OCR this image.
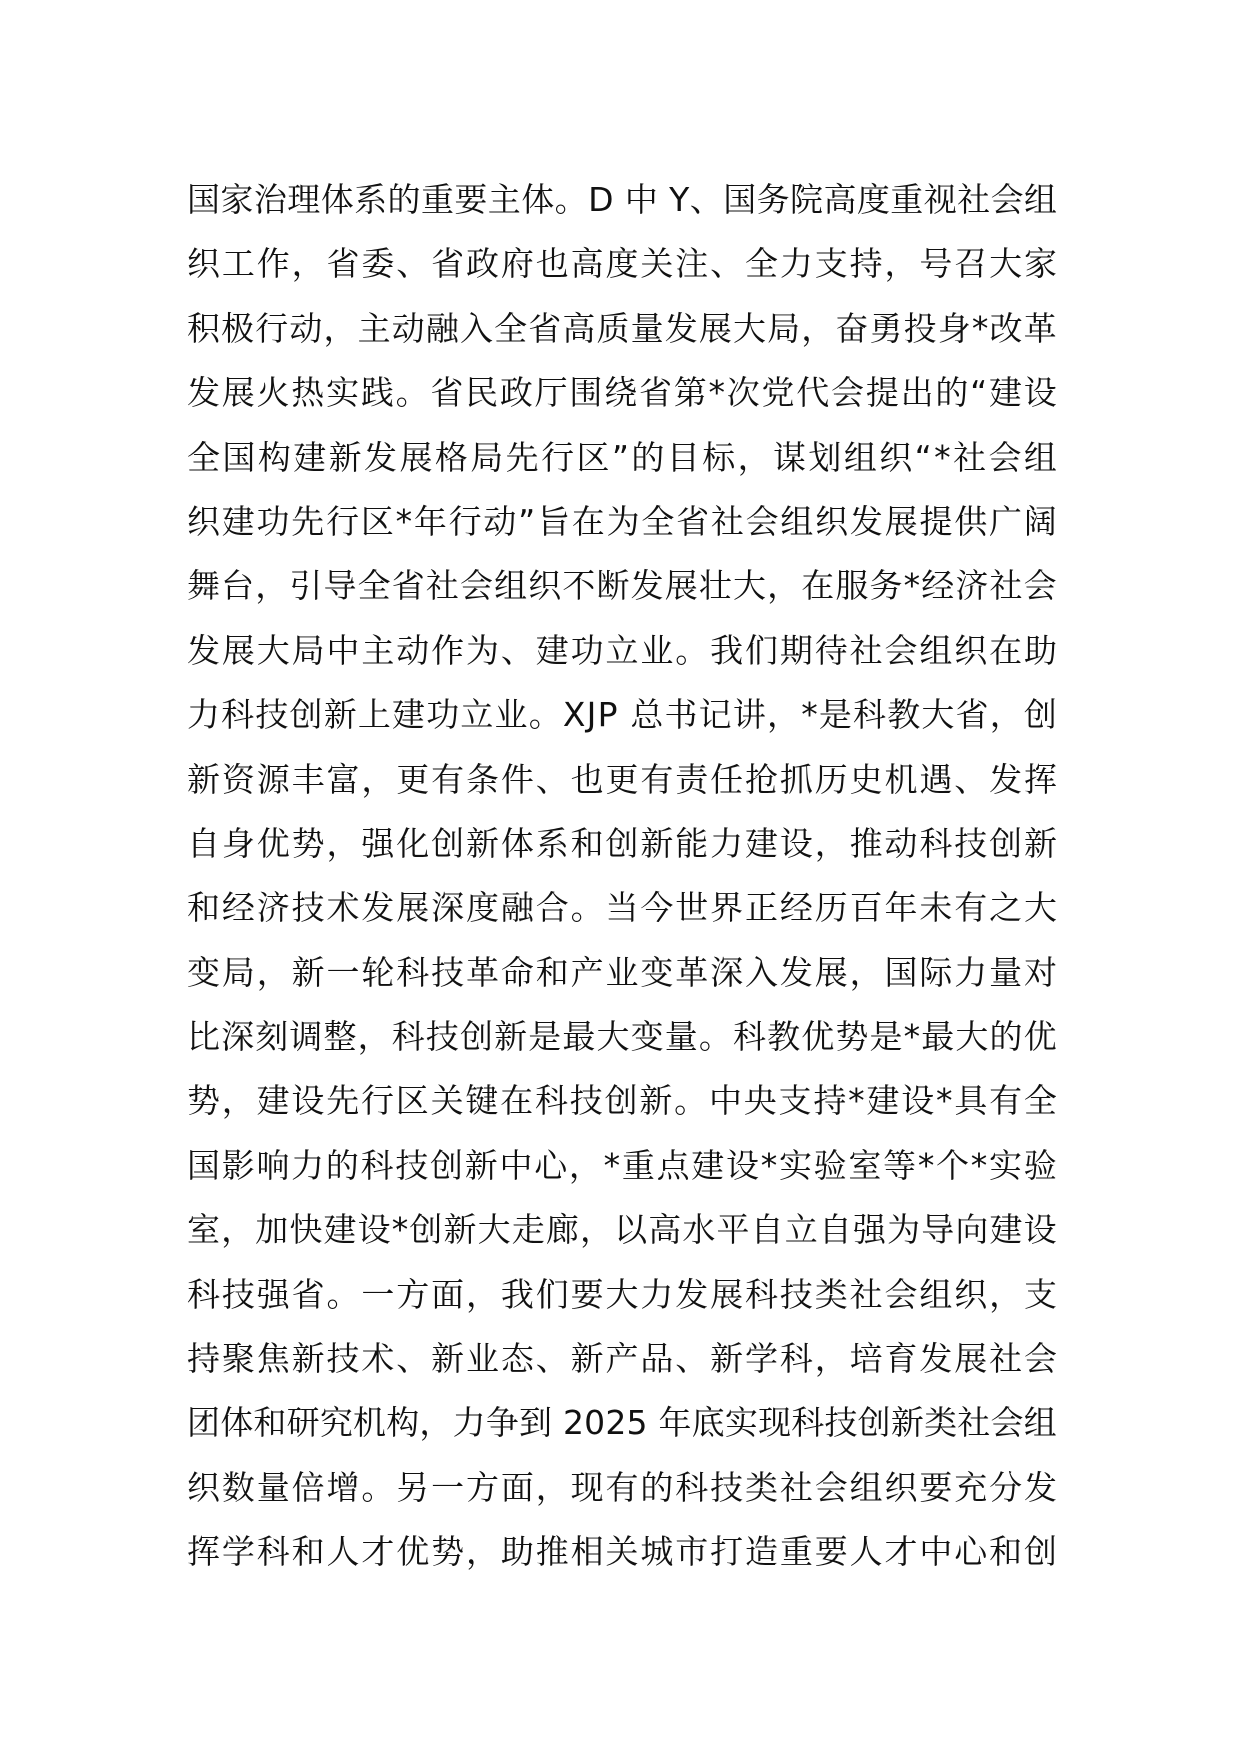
国 家 治 理 体 系 的 重 要 主 体 。 D
中
Y 、 国 务 院 高 度 重 视 社 会 组
织 工 作 ， 省 委 、 省 政 府 也 高 度 关 注 、 全 力 支 持 ， 号 召 大 家
积 极 行 动 ， 主 动 融 入 全 省 高 质 量 发 展 大 局 ， 奋 勇 投 身 * 改 革
发 展 火 热 实 践 。 省 民 政 厅 围 绕 省 第 * 次 党 代 会 提 出 的 “ 建 设
全 国 构 建 新 发 展 格 局 先 行 区 ” 的 目 标 ， 谋 划 组 织 “ * 社 会 组
织 建 功 先 行 区 * 年 行 动 ” 旨 在 为 全 省 社 会 组 织 发 展 提 供 广 阔
舞 台 ， 引 导 全 省 社 会 组 织 不 断 发 展 壮 大 ， 在 服 务 * 经 济 社 会
发 展 大 局 中 主 动 作 为 、 建 功 立 业 。 我 们 期 待 社 会 组 织 在 助
力 科 技 创 新 上 建 功 立 业 。 X J P
总 书 记 讲 ， * 是 科 教 大 省 ， 创
新 资 源 丰 富 ， 更 有 条 件 、 也 更 有 责 任 抢 抓 历 史 机 遇 、 发 挥
自 身 优 势 ， 强 化 创 新 体 系 和 创 新 能 力 建 设 ， 推 动 科 技 创 新
和 经 济 技 术 发 展 深 度 融 合 。 当 今 世 界 正 经 历 百 年 未 有 之 大
变 局 ， 新 一 轮 科 技 革 命 和 产 业 变 革 深 入 发 展 ， 国 际 力 量 对
比 深 刻 调 整 ， 科 技 创 新 是 最 大 变 量 。 科 教 优 势 是 * 最 大 的 优
势 ， 建 设 先 行 区 关 键 在 科 技 创 新 。 中 央 支 持 * 建 设 * 具 有 全
国 影 响 力 的 科 技 创 新 中 心 ， * 重 点 建 设 * 实 验 室 等 * 个 * 实 验
室 ， 加 快 建 设 * 创 新 大 走 廊 ， 以 高 水 平 自 立 自 强 为 导 向 建 设
科 技 强 省 。 一 方 面 ， 我 们 要 大 力 发 展 科 技 类 社 会 组 织 ， 支
持 聚 焦 新 技 术 、 新 业 态 、 新 产 品 、 新 学 科 ， 培 育 发 展 社 会
团 体 和 研 究 机 构 ， 力 争 到
2 0 2 5
年 底 实 现 科 技 创 新 类 社 会 组
织 数 量 倍 增 。 另 一 方 面 ， 现 有 的 科 技 类 社 会 组 织 要 充 分 发
挥 学 科 和 人 才 优 势 ， 助 推 相 关 城 市 打 造 重 要 人 才 中 心 和 创
